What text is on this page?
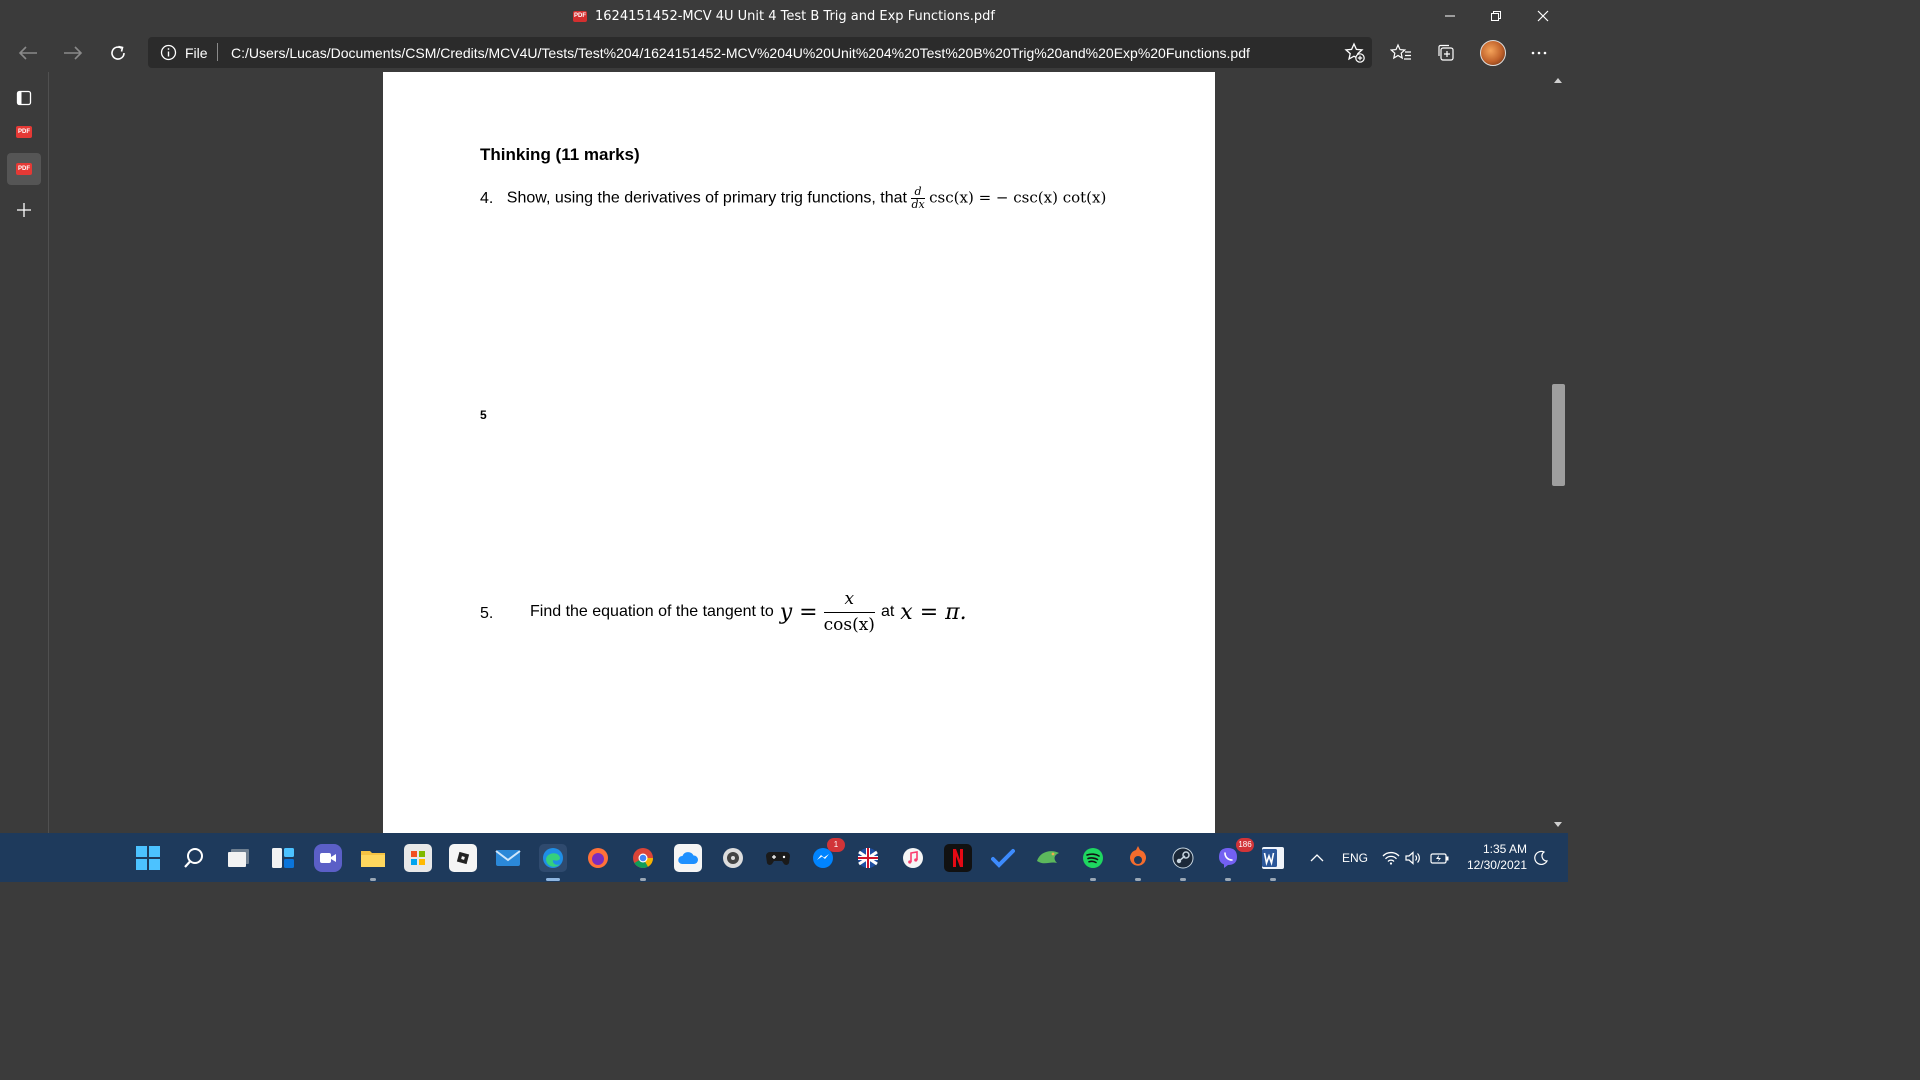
PDF 1624151452-MCV 4U Unit 4 Test B Trig and Exp Functions.pdf
File C:/Users/Lucas/Documents/CSM/Credits/MCV4U/Tests/Test%204/1624151452-MCV%204U%20Unit%204%20Test%20B%20Trig%20and%20Exp%20Functions.pdf
PDF
PDF
Thinking (11 marks)
4. Show, using the derivatives of primary trig functions, that $\frac{d}{dx} \csc(x)$ = − csc(x) cot(x)
5
5. Find the equation of the tangent to $y = \frac{x}{\cos(x)}$ at x = π.
1	186
ENG
1:35 AM
12/30/2021
